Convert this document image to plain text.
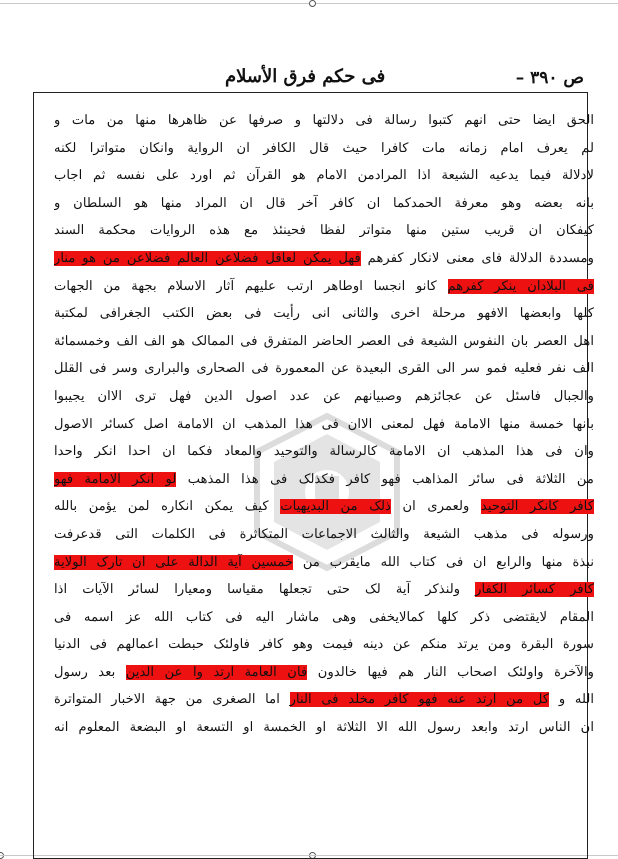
ص ۳۹۰ –
فی حکم فرق الأسلام
الحق ایضا حتی انهم کتبوا رسالة فی دلالتها و صرفها عن ظاهرها منها من مات و
لم یعرف امام زمانه مات کافرا حیث قال الکافر ان الروایة وانکان متواترا لکنه
لادلالة فیما یدعیه الشیعة اذا المرادمن الامام هو القرآن ثم اورد علی نفسه ثم اجاب
بانه بعضه وهو معرفة الحمدکما ان کافر آخر قال ان المراد منها هو السلطان و
کیفکان ان قریب ستین منها متواتر لفظا فحینئذ مع هذه الروایات محکمة السند
ومسددة الدلالة فای معنی لانکار کفرهم فهل یمکن لعاقل فضلاعن العالم فضلاعن من هو منار
فی البلادان ینکر کفرهم کانو انجسا اوطاهر ارتب علیهم آثار الاسلام بجهة من الجهات
کلها وابعضها الافهو مرحلة اخری والثانی انی رأیت فی بعض الکتب الجغرافی لمکتبة
اهل العصر بان النفوس الشیعة فی العصر الحاضر المتفرق فی الممالک هو الف الف وخمسمائة
الف نفر فعلیه فمو سر الی القری البعیدة عن المعمورة فی الصحاری والبراری وسر فی القلل
والجبال فاسئل عن عجائزهم وصبیانهم عن عدد اصول الدین فهل تری الاان یجیبوا
بانها خمسة منها الامامة فهل لمعنی الاان فی هذا المذهب ان الامامة اصل کسائر الاصول
وان فی هذا المذهب ان الامامة کالرسالة والتوحید والمعاد فکما ان احدا انکر واحدا
من الثلاثة فی سائر المذاهب فهو کافر فکذلک فی هذا المذهب لو انکر الامامة فهو
کافر کانکر التوحید ولعمری ان ذلک من البدیهیات کیف یمکن انکاره لمن یؤمن بالله
ورسوله فی مذهب الشیعة والثالث الاجماعات المتکاثرة فی الکلمات التی قدعرفت
نبذة منها والرابع ان فی کتاب الله مایقرب من خمسین آیة الدالة علی ان تارک الولایة
کافر کسائر الکفار ولنذکر آیة لک حتی تجعلها مقیاسا ومعیارا لسائر الآیات اذا
المقام لایقتضی ذکر کلها کمالایخفی وهی ماشار الیه فی کتاب الله عز اسمه فی
سورة البقرة ومن یرتد منکم عن دینه فیمت وهو کافر فاولئک حبطت اعمالهم فی الدنیا
والآخرة واولئک اصحاب النار هم فیها خالدون فان العامة ارتد وا عن الدین بعد رسول
الله و کل من ارتد عنه فهو کافر مخلد فی النار اما الصغری من جهة الاخبار المتواترة
ان الناس ارتد وابعد رسول الله الا الثلاثة او الخمسة او التسعة او البضعة المعلوم انه
